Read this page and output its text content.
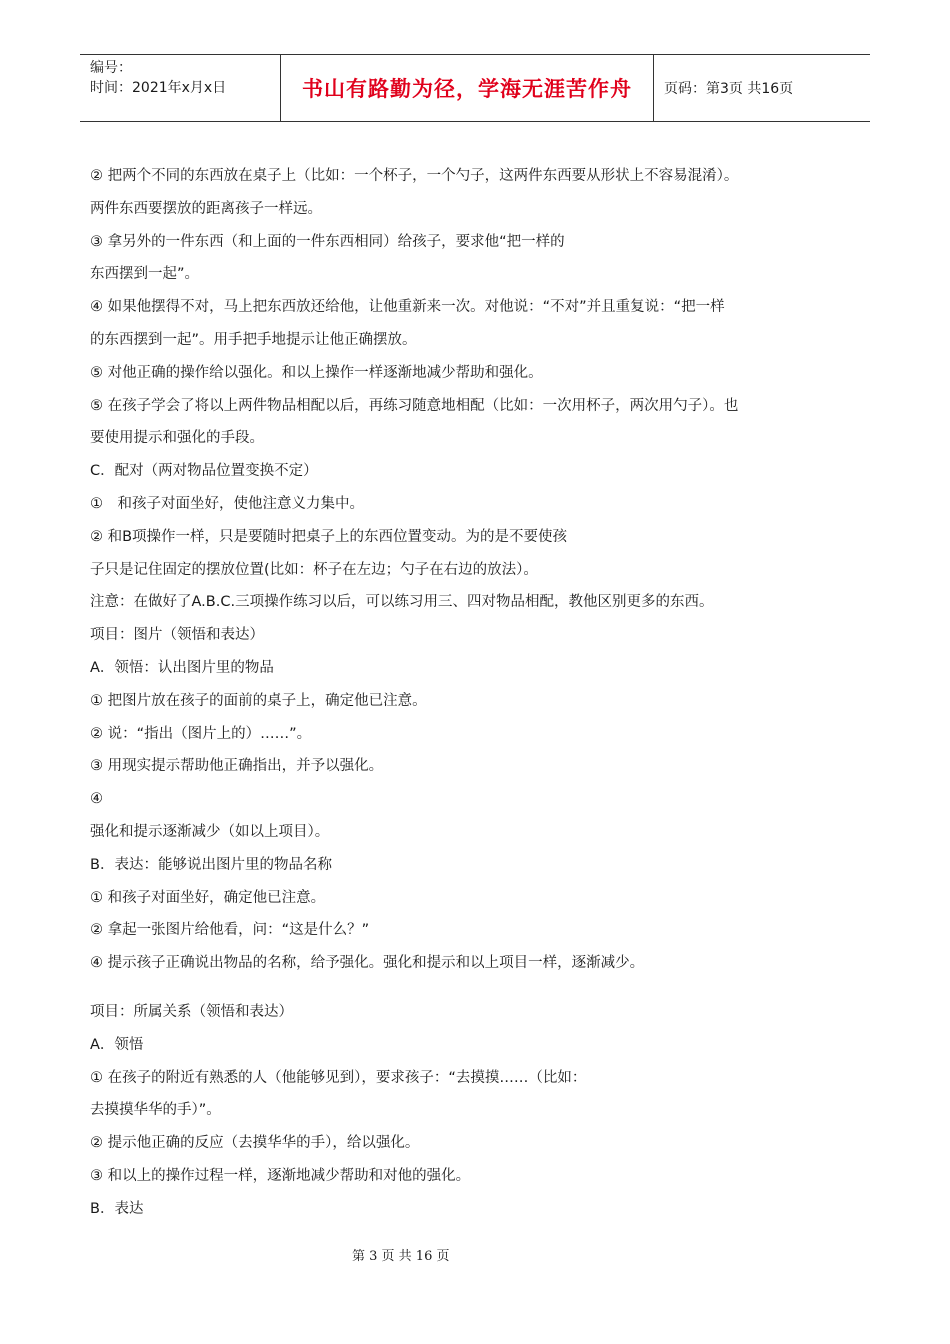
编号：
时间：2021年x月x日	书山有路勤为径，学海无涯苦作舟	页码：第3页 共16页
② 把两个不同的东西放在桌子上（比如：一个杯子，一个勺子，这两件东西要从形状上不容易混淆）。
两件东西要摆放的距离孩子一样远。
③ 拿另外的一件东西（和上面的一件东西相同）给孩子，要求他“把一样的
东西摆到一起”。
④ 如果他摆得不对，马上把东西放还给他，让他重新来一次。对他说：“不对”并且重复说：“把一样
的东西摆到一起”。用手把手地提示让他正确摆放。
⑤ 对他正确的操作给以强化。和以上操作一样逐渐地减少帮助和强化。
⑤ 在孩子学会了将以上两件物品相配以后，再练习随意地相配（比如：一次用杯子，两次用勺子）。也
要使用提示和强化的手段。
C．配对（两对物品位置变换不定）
①　和孩子对面坐好，使他注意义力集中。
② 和B项操作一样，只是要随时把桌子上的东西位置变动。为的是不要使孩
子只是记住固定的摆放位置(比如：杯子在左边；勺子在右边的放法）。
注意：在做好了A.B.C.三项操作练习以后，可以练习用三、四对物品相配，教他区别更多的东西。
项目：图片（领悟和表达）
A．领悟：认出图片里的物品
① 把图片放在孩子的面前的桌子上，确定他已注意。
② 说：“指出（图片上的）……”。
③ 用现实提示帮助他正确指出，并予以强化。
④
强化和提示逐渐减少（如以上项目）。
B．表达：能够说出图片里的物品名称
① 和孩子对面坐好，确定他已注意。
② 拿起一张图片给他看，问：“这是什么？”
④ 提示孩子正确说出物品的名称，给予强化。强化和提示和以上项目一样，逐渐减少。
项目：所属关系（领悟和表达）
A．领悟
① 在孩子的附近有熟悉的人（他能够见到），要求孩子：“去摸摸……（比如：
去摸摸华华的手）”。
② 提示他正确的反应（去摸华华的手），给以强化。
③ 和以上的操作过程一样，逐渐地减少帮助和对他的强化。
B．表达
第 3 页 共 16 页
